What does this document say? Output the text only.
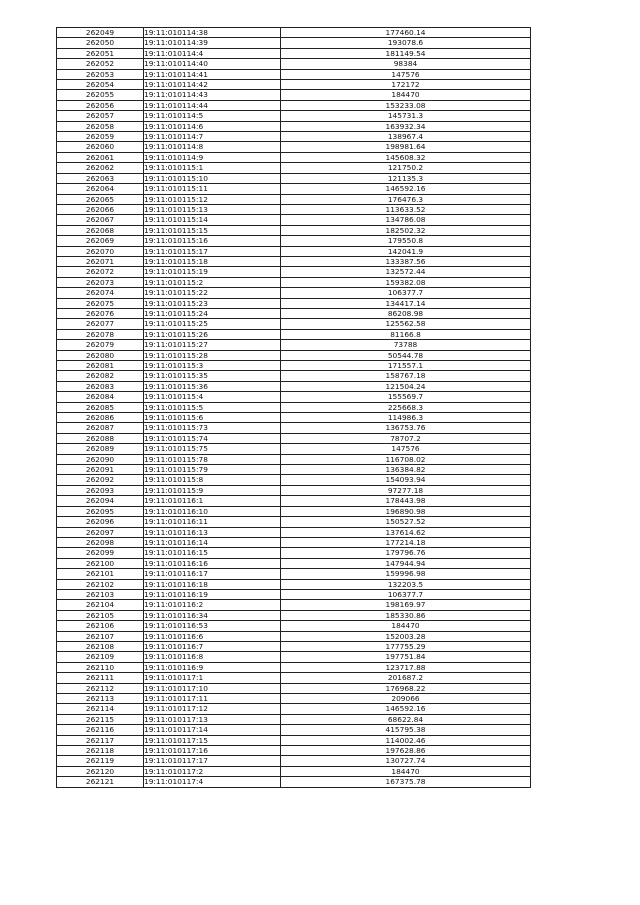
262049	19:11:010114:38	177460.14
262050	19:11:010114:39	193078.6
262051	19:11:010114:4	181149.54
262052	19:11:010114:40	98384
262053	19:11:010114:41	147576
262054	19:11:010114:42	172172
262055	19:11:010114:43	184470
262056	19:11:010114:44	153233.08
262057	19:11:010114:5	145731.3
262058	19:11:010114:6	163932.34
262059	19:11:010114:7	138967.4
262060	19:11:010114:8	198981.64
262061	19:11:010114:9	145608.32
262062	19:11:010115:1	121750.2
262063	19:11:010115:10	121135.3
262064	19:11:010115:11	146592.16
262065	19:11:010115:12	176476.3
262066	19:11:010115:13	113633.52
262067	19:11:010115:14	134786.08
262068	19:11:010115:15	182502.32
262069	19:11:010115:16	179550.8
262070	19:11:010115:17	142041.9
262071	19:11:010115:18	133387.56
262072	19:11:010115:19	132572.44
262073	19:11:010115:2	159382.08
262074	19:11:010115:22	106377.7
262075	19:11:010115:23	134417.14
262076	19:11:010115:24	86208.98
262077	19:11:010115:25	125562.58
262078	19:11:010115:26	81166.8
262079	19:11:010115:27	73788
262080	19:11:010115:28	50544.78
262081	19:11:010115:3	171557.1
262082	19:11:010115:35	158767.18
262083	19:11:010115:36	121504.24
262084	19:11:010115:4	155569.7
262085	19:11:010115:5	225668.3
262086	19:11:010115:6	114986.3
262087	19:11:010115:73	136753.76
262088	19:11:010115:74	78707.2
262089	19:11:010115:75	147576
262090	19:11:010115:78	116708.02
262091	19:11:010115:79	136384.82
262092	19:11:010115:8	154093.94
262093	19:11:010115:9	97277.18
262094	19:11:010116:1	178443.98
262095	19:11:010116:10	196890.98
262096	19:11:010116:11	150527.52
262097	19:11:010116:13	137614.62
262098	19:11:010116:14	177214.18
262099	19:11:010116:15	179796.76
262100	19:11:010116:16	147944.94
262101	19:11:010116:17	159996.98
262102	19:11:010116:18	132203.5
262103	19:11:010116:19	106377.7
262104	19:11:010116:2	198169.97
262105	19:11:010116:34	185330.86
262106	19:11:010116:53	184470
262107	19:11:010116:6	152003.28
262108	19:11:010116:7	177755.29
262109	19:11:010116:8	197751.84
262110	19:11:010116:9	123717.88
262111	19:11:010117:1	201687.2
262112	19:11:010117:10	176968.22
262113	19:11:010117:11	209066
262114	19:11:010117:12	146592.16
262115	19:11:010117:13	68622.84
262116	19:11:010117:14	415795.38
262117	19:11:010117:15	114002.46
262118	19:11:010117:16	197628.86
262119	19:11:010117:17	130727.74
262120	19:11:010117:2	184470
262121	19:11:010117:4	167375.78
